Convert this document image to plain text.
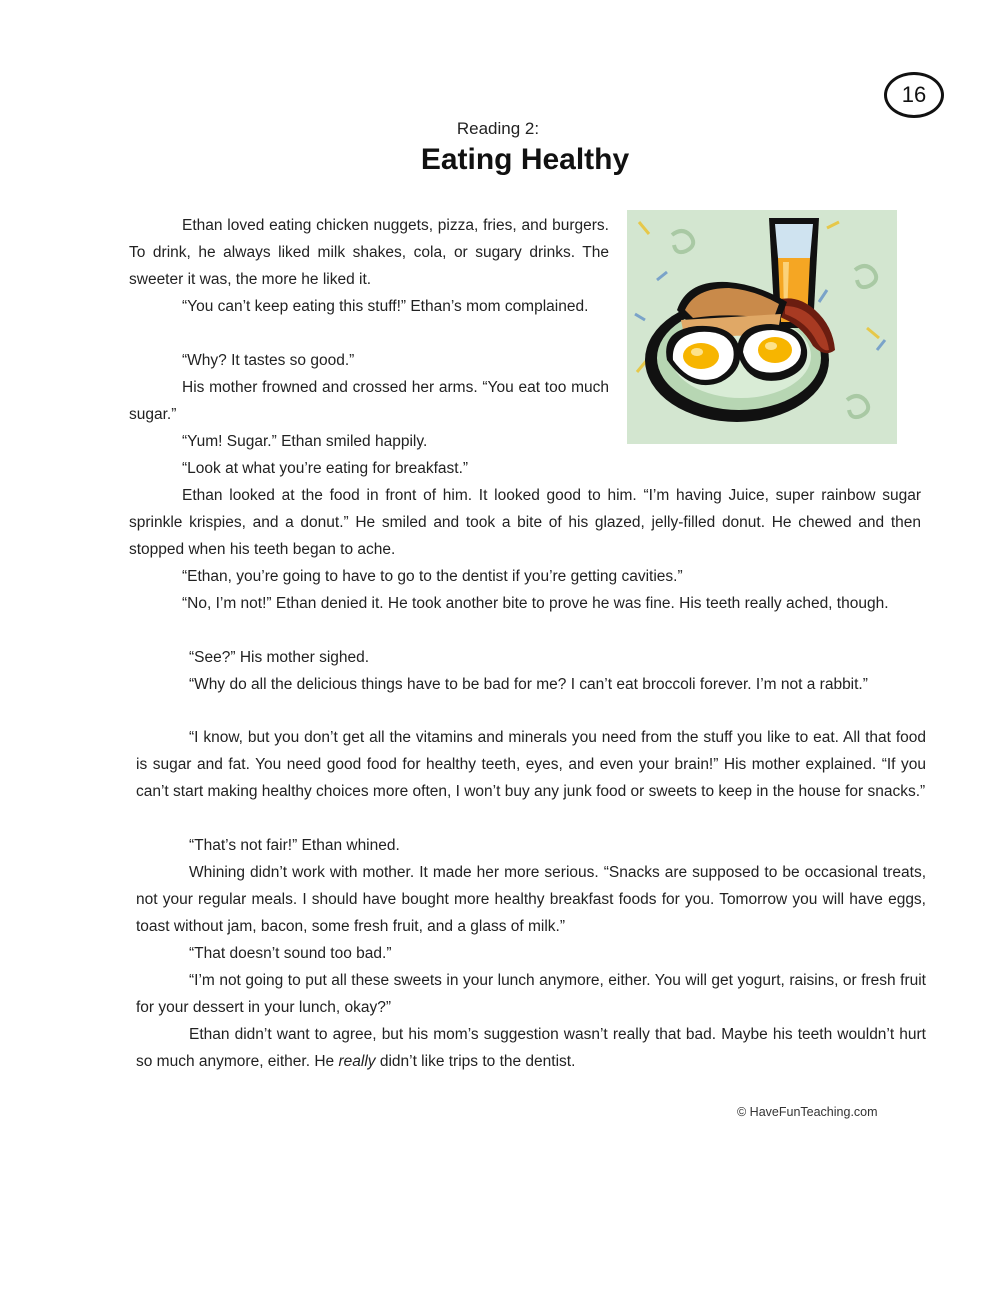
16
Reading 2:
Eating Healthy

Ethan loved eating chicken nuggets, pizza, fries, and burgers. To drink, he always liked milk shakes, cola, or sugary drinks. The sweeter it was, the more he liked it.

“You can’t keep eating this stuff!” Ethan’s mom complained.

“Why? It tastes so good.”

His mother frowned and crossed her arms. “You eat too much sugar.”

“Yum! Sugar.” Ethan smiled happily.

“Look at what you’re eating for breakfast.”

Ethan looked at the food in front of him. It looked good to him. “I’m having Juice, super rainbow sugar sprinkle krispies, and a donut.” He smiled and took a bite of his glazed, jelly-filled donut. He chewed and then stopped when his teeth began to ache.

“Ethan, you’re going to have to go to the dentist if you’re getting cavities.”

“No, I’m not!” Ethan denied it. He took another bite to prove he was fine. His teeth really ached, though.

“See?” His mother sighed.

“Why do all the delicious things have to be bad for me? I can’t eat broccoli forever. I’m not a rabbit.”

“I know, but you don’t get all the vitamins and minerals you need from the stuff you like to eat. All that food is sugar and fat. You need good food for healthy teeth, eyes, and even your brain!” His mother explained. “If you can’t start making healthy choices more often, I won’t buy any junk food or sweets to keep in the house for snacks.”

“That’s not fair!” Ethan whined.

Whining didn’t work with mother. It made her more serious. “Snacks are supposed to be occasional treats, not your regular meals. I should have bought more healthy breakfast foods for you. Tomorrow you will have eggs, toast without jam, bacon, some fresh fruit, and a glass of milk.”

“That doesn’t sound too bad.”

“I’m not going to put all these sweets in your lunch anymore, either. You will get yogurt, raisins, or fresh fruit for your dessert in your lunch, okay?”

Ethan didn’t want to agree, but his mom’s suggestion wasn’t really that bad. Maybe his teeth wouldn’t hurt so much anymore, either. He really didn’t like trips to the dentist.

© HaveFunTeaching.com
